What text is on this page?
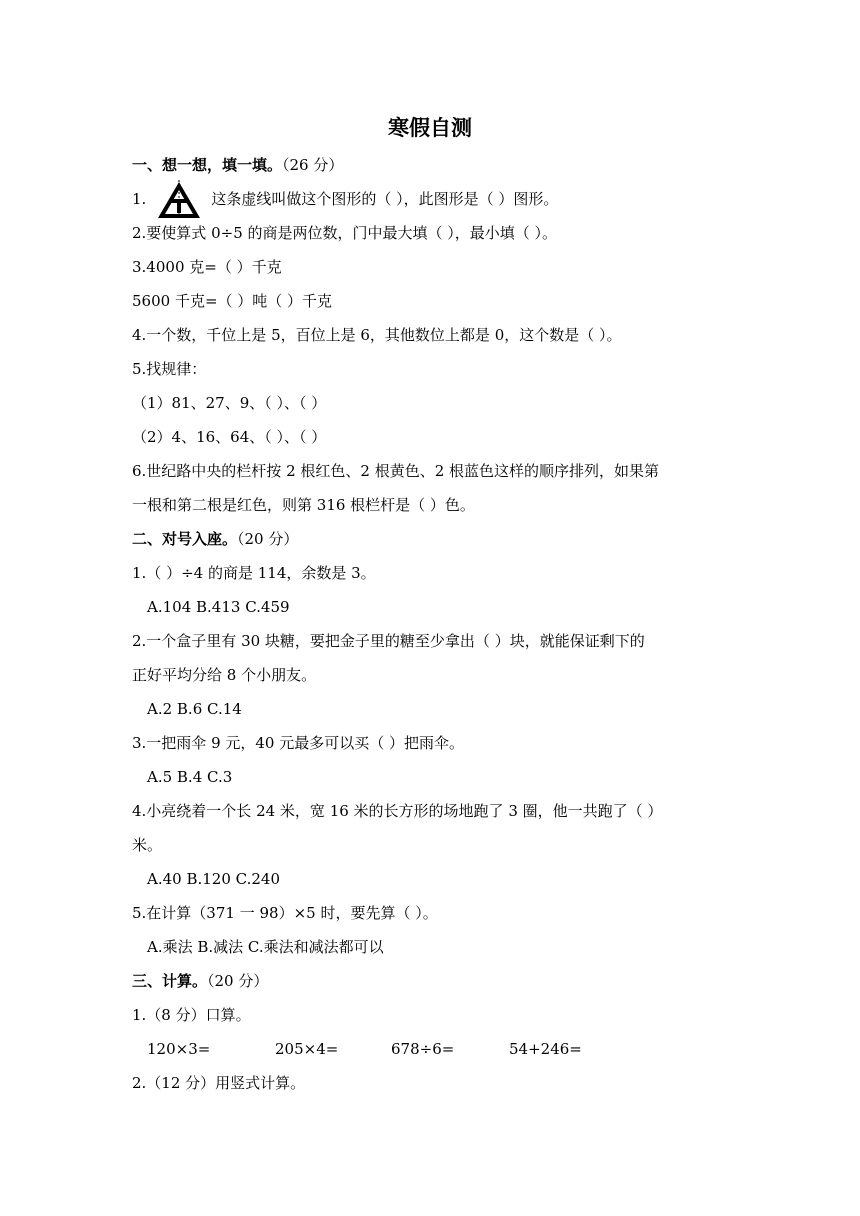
寒假自测
一、想一想，填一填。（26 分）
1.	这条虚线叫做这个图形的（ ），此图形是（ ）图形。
2.要使算式 0÷5 的商是两位数，门中最大填（ ），最小填（ ）。
3.4000 克=（ ）千克
5600 千克=（ ）吨（ ）千克
4.一个数，千位上是 5，百位上是 6，其他数位上都是 0，这个数是（ ）。
5.找规律：
（1）81、27、9、（ ）、（ ）
（2）4、16、64、（ ）、（ ）
6.世纪路中央的栏杆按 2 根红色、2 根黄色、2 根蓝色这样的顺序排列，如果第
一根和第二根是红色，则第 316 根栏杆是（ ）色。
二、对号入座。（20 分）
1.（ ）÷4 的商是 114，余数是 3。
A.104 B.413 C.459
2.一个盒子里有 30 块糖，要把金子里的糖至少拿出（ ）块，就能保证剩下的
正好平均分给 8 个小朋友。
A.2 B.6 C.14
3.一把雨伞 9 元，40 元最多可以买（ ）把雨伞。
A.5 B.4 C.3
4.小亮绕着一个长 24 米，宽 16 米的长方形的场地跑了 3 圈，他一共跑了（ ）
米。
A.40 B.120 C.240
5.在计算（371 一 98）×5 时，要先算（ ）。
A.乘法 B.减法 C.乘法和减法都可以
三、计算。（20 分）
1.（8 分）口算。
120×3=	205×4=	678÷6=	54+246=
2.（12 分）用竖式计算。
